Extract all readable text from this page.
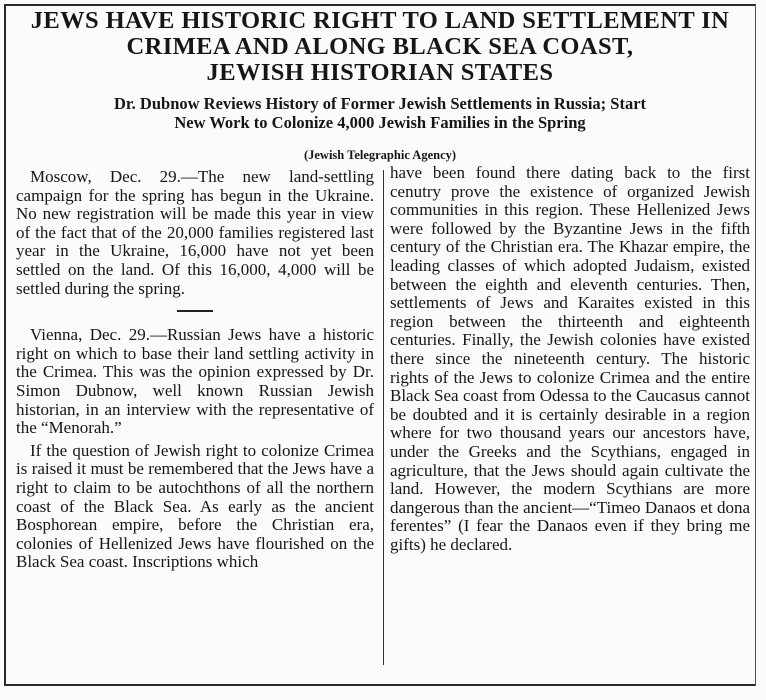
JEWS HAVE HISTORIC RIGHT TO LAND SETTLEMENT IN
CRIMEA AND ALONG BLACK SEA COAST,
JEWISH HISTORIAN STATES
Dr. Dubnow Reviews History of Former Jewish Settlements in Russia; Start
New Work to Colonize 4,000 Jewish Families in the Spring
(Jewish Telegraphic Agency)

Moscow, Dec. 29.—The new land-settling campaign for the spring has begun in the Ukraine. No new registration will be made this year in view of the fact that of the 20,000 families registered last year in the Ukraine, 16,000 have not yet been settled on the land. Of this 16,000, 4,000 will be settled during the spring.

Vienna, Dec. 29.—Russian Jews have a historic right on which to base their land settling activity in the Crimea. This was the opinion expressed by Dr. Simon Dubnow, well known Russian Jewish historian, in an interview with the representative of the “Menorah.”

If the question of Jewish right to colonize Crimea is raised it must be remembered that the Jews have a right to claim to be autochthons of all the northern coast of the Black Sea. As early as the ancient Bosphorean empire, before the Christian era, colonies of Hellenized Jews have flourished on the Black Sea coast. Inscriptions which

have been found there dating back to the first cenutry prove the existence of organized Jewish communities in this region. These Hellenized Jews were followed by the Byzantine Jews in the fifth century of the Christian era. The Khazar empire, the leading classes of which adopted Judaism, existed between the eighth and eleventh centuries. Then, settlements of Jews and Karaites existed in this region between the thirteenth and eighteenth centuries. Finally, the Jewish colonies have existed there since the nineteenth century. The historic rights of the Jews to colonize Crimea and the entire Black Sea coast from Odessa to the Caucasus cannot be doubted and it is certainly desirable in a region where for two thousand years our ancestors have, under the Greeks and the Scythians, engaged in agriculture, that the Jews should again cultivate the land. However, the modern Scythians are more dangerous than the ancient—“Timeo Danaos et dona ferentes” (I fear the Danaos even if they bring me gifts) he declared.
